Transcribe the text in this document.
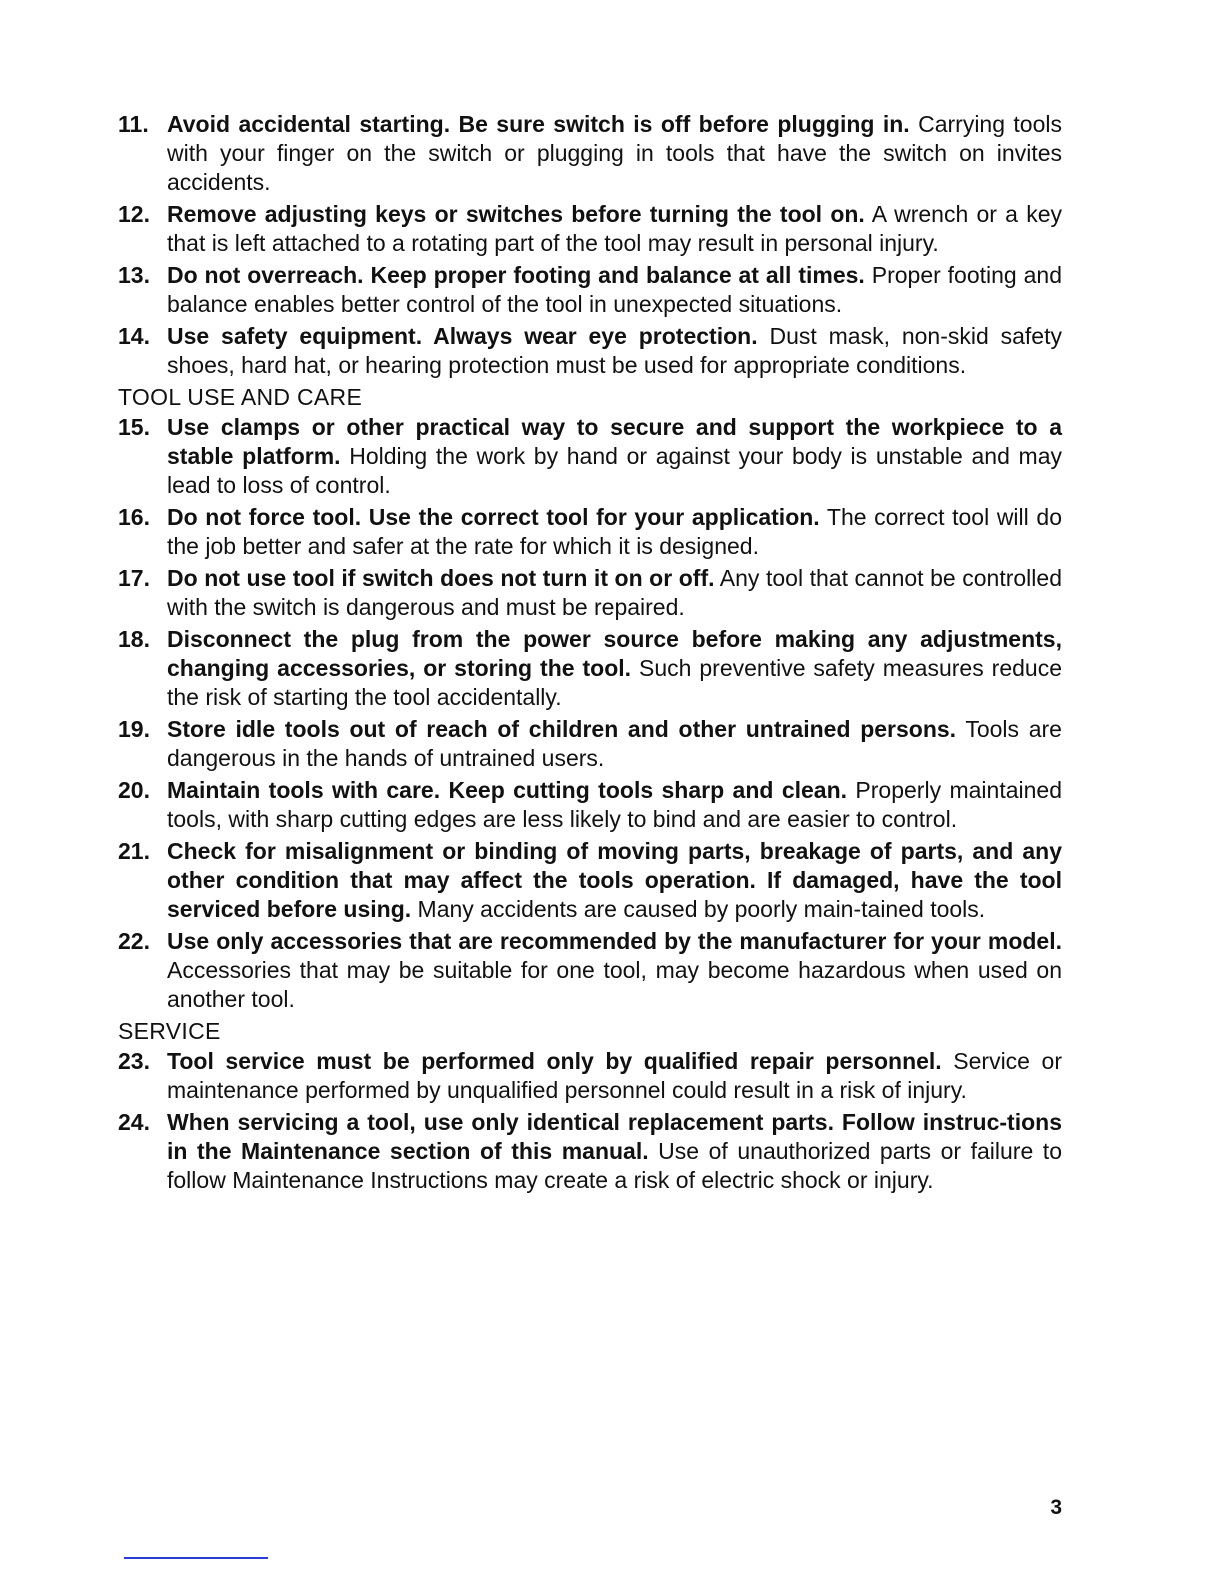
11. Avoid accidental starting. Be sure switch is off before plugging in. Carrying tools with your finger on the switch or plugging in tools that have the switch on invites accidents.
12. Remove adjusting keys or switches before turning the tool on. A wrench or a key that is left attached to a rotating part of the tool may result in personal injury.
13. Do not overreach. Keep proper footing and balance at all times. Proper footing and balance enables better control of the tool in unexpected situations.
14. Use safety equipment. Always wear eye protection. Dust mask, non-skid safety shoes, hard hat, or hearing protection must be used for appropriate conditions.
TOOL USE AND CARE
15. Use clamps or other practical way to secure and support the workpiece to a stable platform. Holding the work by hand or against your body is unstable and may lead to loss of control.
16. Do not force tool. Use the correct tool for your application. The correct tool will do the job better and safer at the rate for which it is designed.
17. Do not use tool if switch does not turn it on or off. Any tool that cannot be controlled with the switch is dangerous and must be repaired.
18. Disconnect the plug from the power source before making any adjustments, changing accessories, or storing the tool. Such preventive safety measures reduce the risk of starting the tool accidentally.
19. Store idle tools out of reach of children and other untrained persons. Tools are dangerous in the hands of untrained users.
20. Maintain tools with care. Keep cutting tools sharp and clean. Properly maintained tools, with sharp cutting edges are less likely to bind and are easier to control.
21. Check for misalignment or binding of moving parts, breakage of parts, and any other condition that may affect the tools operation. If damaged, have the tool serviced before using. Many accidents are caused by poorly main-tained tools.
22. Use only accessories that are recommended by the manufacturer for your model. Accessories that may be suitable for one tool, may become hazardous when used on another tool.
SERVICE
23. Tool service must be performed only by qualified repair personnel. Service or maintenance performed by unqualified personnel could result in a risk of injury.
24. When servicing a tool, use only identical replacement parts. Follow instruc-tions in the Maintenance section of this manual. Use of unauthorized parts or failure to follow Maintenance Instructions may create a risk of electric shock or injury.
3
